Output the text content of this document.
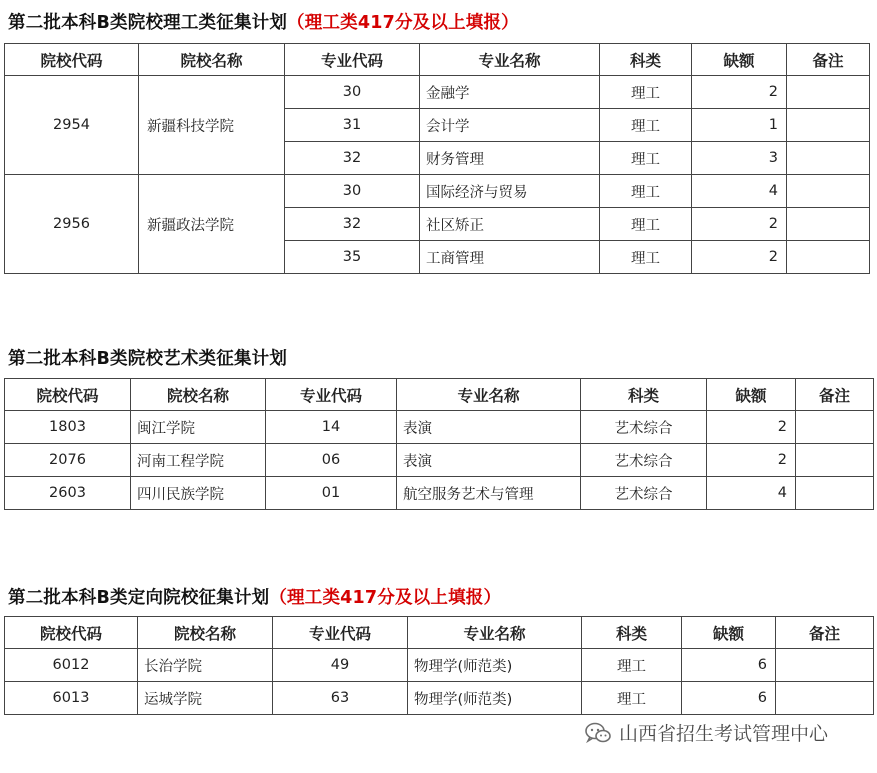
第二批本科B类院校理工类征集计划（理工类417分及以上填报）
院校代码	院校名称	专业代码	专业名称	科类	缺额	备注
2954	新疆科技学院	30	金融学	理工	2	
		31	会计学	理工	1	
		32	财务管理	理工	3	
2956	新疆政法学院	30	国际经济与贸易	理工	4	
		32	社区矫正	理工	2	
		35	工商管理	理工	2	
第二批本科B类院校艺术类征集计划
院校代码	院校名称	专业代码	专业名称	科类	缺额	备注
1803	闽江学院	14	表演	艺术综合	2	
2076	河南工程学院	06	表演	艺术综合	2	
2603	四川民族学院	01	航空服务艺术与管理	艺术综合	4	
第二批本科B类定向院校征集计划（理工类417分及以上填报）
院校代码	院校名称	专业代码	专业名称	科类	缺额	备注
6012	长治学院	49	物理学(师范类)	理工	6	
6013	运城学院	63	物理学(师范类)	理工	6	
山西省招生考试管理中心
